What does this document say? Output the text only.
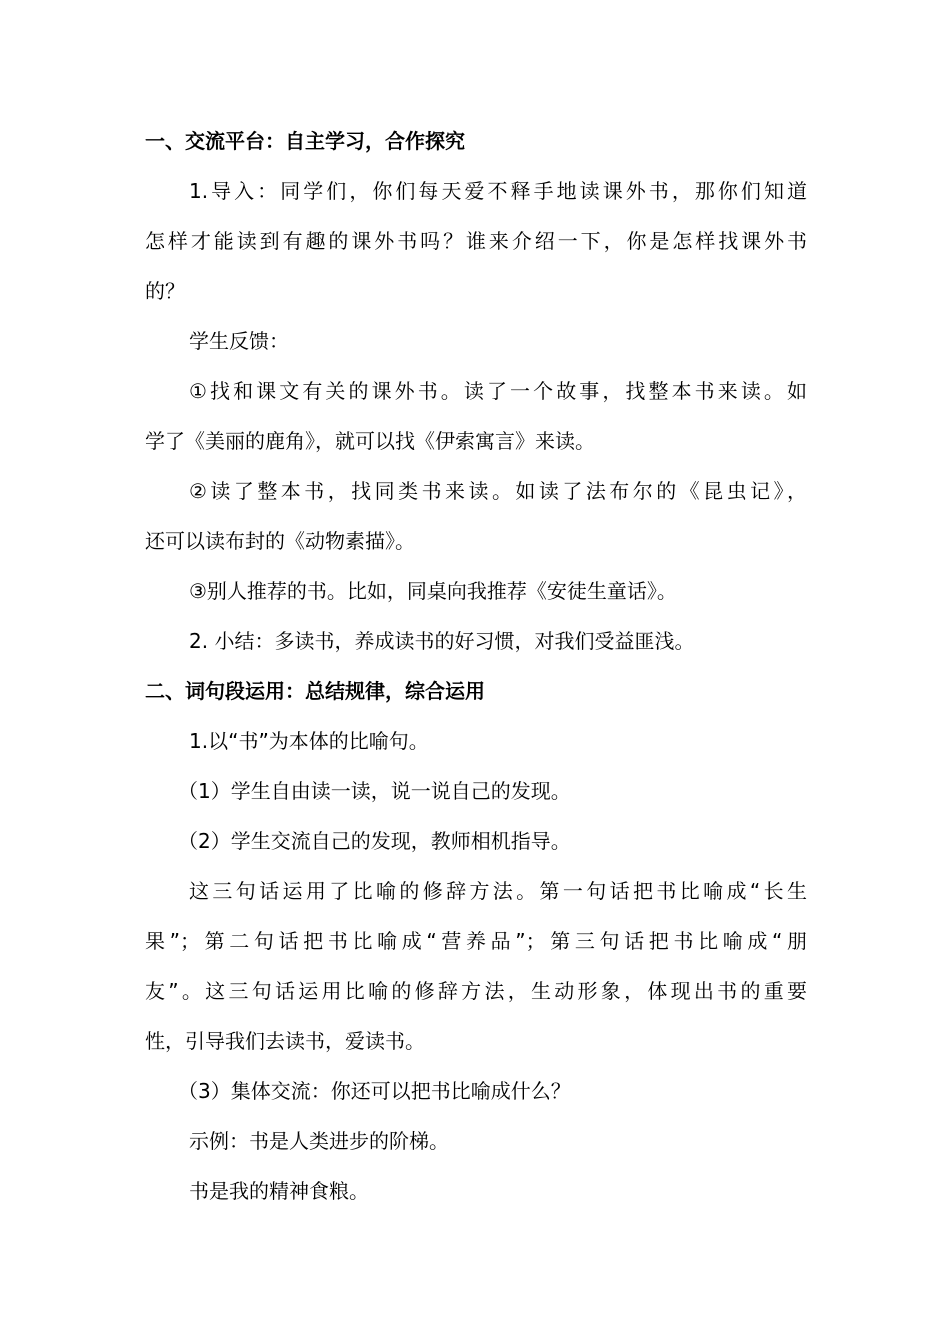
一、交流平台：自主学习，合作探究
1.导入：同学们，你们每天爱不释手地读课外书，那你们知道
怎样才能读到有趣的课外书吗？谁来介绍一下，你是怎样找课外书
的？
学生反馈：
①找和课文有关的课外书。读了一个故事，找整本书来读。如
学了《美丽的鹿角》，就可以找《伊索寓言》来读。
②读了整本书，找同类书来读。如读了法布尔的《昆虫记》，
还可以读布封的《动物素描》。
③别人推荐的书。比如，同桌向我推荐《安徒生童话》。
2. 小结：多读书，养成读书的好习惯，对我们受益匪浅。
二、词句段运用：总结规律，综合运用
1.以“书”为本体的比喻句。
（1）学生自由读一读，说一说自己的发现。
（2）学生交流自己的发现，教师相机指导。
这三句话运用了比喻的修辞方法。第一句话把书比喻成“长生
果”；第二句话把书比喻成“营养品”；第三句话把书比喻成“朋
友”。这三句话运用比喻的修辞方法，生动形象，体现出书的重要
性，引导我们去读书，爱读书。
（3）集体交流：你还可以把书比喻成什么？
示例：书是人类进步的阶梯。
书是我的精神食粮。
